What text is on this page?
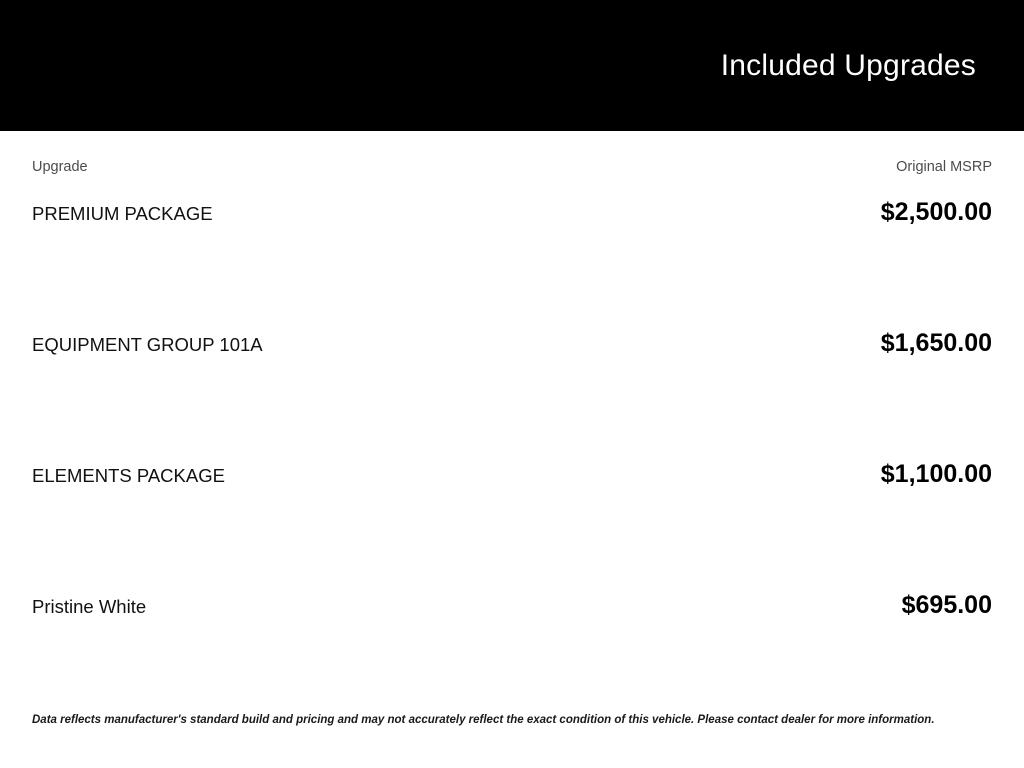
Included Upgrades
Upgrade	Original MSRP
PREMIUM PACKAGE	$2,500.00
EQUIPMENT GROUP 101A	$1,650.00
ELEMENTS PACKAGE	$1,100.00
Pristine White	$695.00
Data reflects manufacturer's standard build and pricing and may not accurately reflect the exact condition of this vehicle. Please contact dealer for more information.
